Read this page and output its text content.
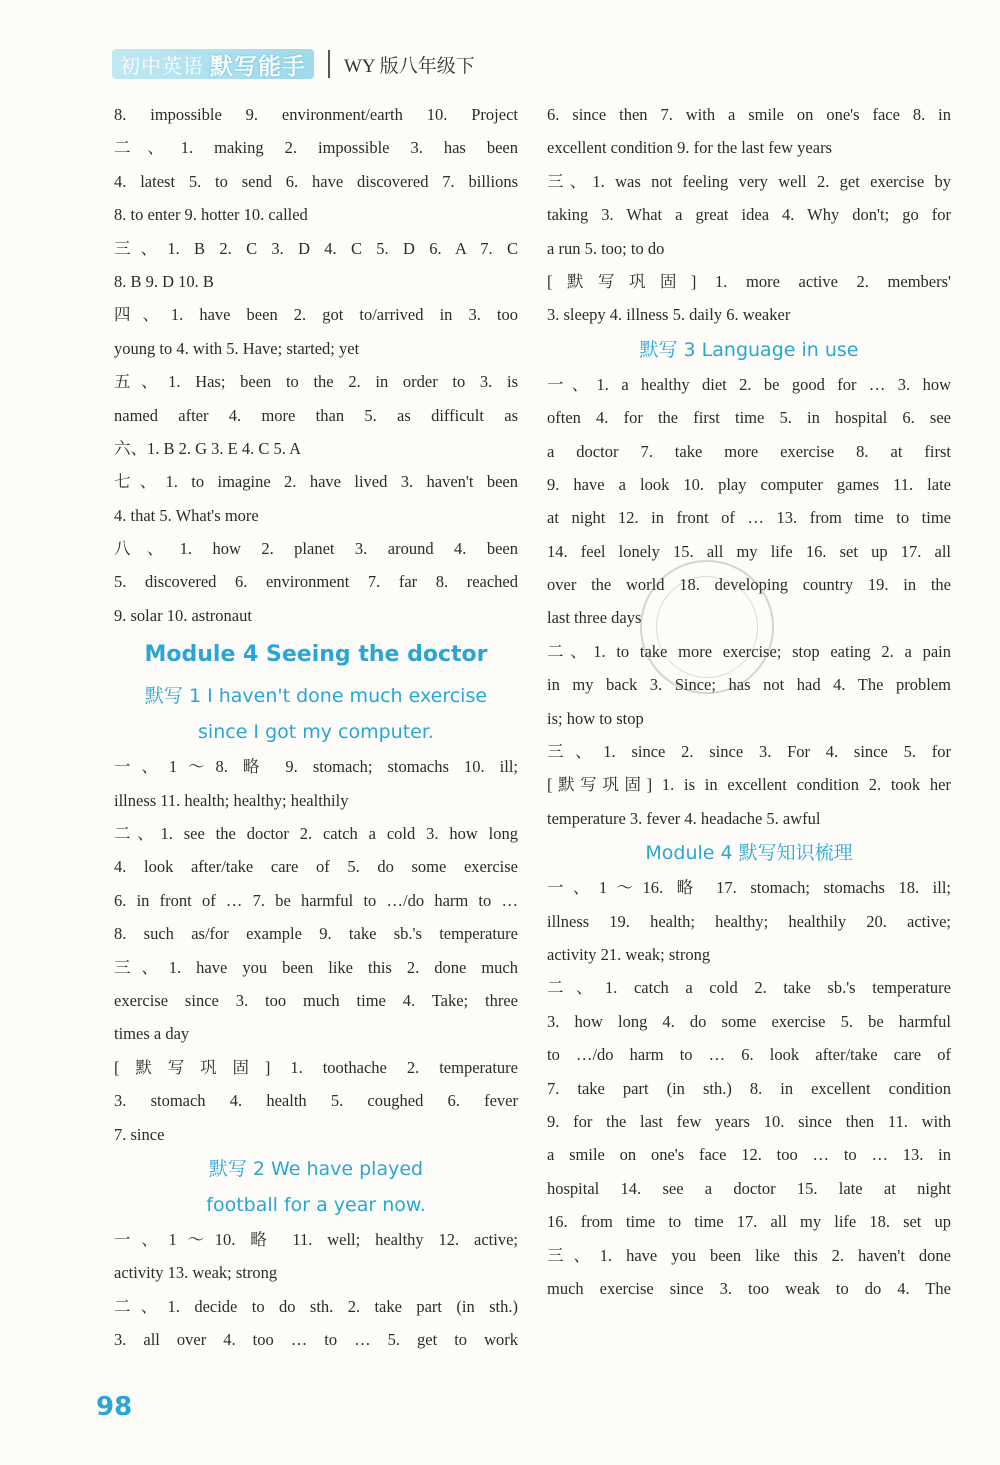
初中英语 默写能手 WY 版八年级下
8. impossible 9. environment/earth 10. Project
二、1. making 2. impossible 3. has been
4. latest 5. to send 6. have discovered 7. billions
8. to enter 9. hotter 10. called
三、1. B 2. C 3. D 4. C 5. D 6. A 7. C
8. B 9. D 10. B
四、1. have been 2. got to/arrived in 3. too
young to 4. with 5. Have; started; yet
五、1. Has; been to the 2. in order to 3. is
named after 4. more than 5. as difficult as
六、1. B 2. G 3. E 4. C 5. A
七、1. to imagine 2. have lived 3. haven't been
4. that 5. What's more
八、1. how 2. planet 3. around 4. been
5. discovered 6. environment 7. far 8. reached
9. solar 10. astronaut
Module 4 Seeing the doctor
默写 1 I haven't done much exercise
since I got my computer.
一、1～8. 略 9. stomach; stomachs 10. ill;
illness 11. health; healthy; healthily
二、1. see the doctor 2. catch a cold 3. how long
4. look after/take care of 5. do some exercise
6. in front of … 7. be harmful to …/do harm to …
8. such as/for example 9. take sb.'s temperature
三、1. have you been like this 2. done much
exercise since 3. too much time 4. Take; three
times a day
[默写巩固] 1. toothache 2. temperature
3. stomach 4. health 5. coughed 6. fever
7. since
默写 2 We have played
football for a year now.
一、1～10. 略 11. well; healthy 12. active;
activity 13. weak; strong
二、1. decide to do sth. 2. take part (in sth.)
3. all over 4. too … to … 5. get to work
6. since then 7. with a smile on one's face 8. in
excellent condition 9. for the last few years
三、1. was not feeling very well 2. get exercise by
taking 3. What a great idea 4. Why don't; go for
a run 5. too; to do
[默写巩固] 1. more active 2. members'
3. sleepy 4. illness 5. daily 6. weaker
默写 3 Language in use
一、1. a healthy diet 2. be good for … 3. how
often 4. for the first time 5. in hospital 6. see
a doctor 7. take more exercise 8. at first
9. have a look 10. play computer games 11. late
at night 12. in front of … 13. from time to time
14. feel lonely 15. all my life 16. set up 17. all
over the world 18. developing country 19. in the
last three days
二、1. to take more exercise; stop eating 2. a pain
in my back 3. Since; has not had 4. The problem
is; how to stop
三、1. since 2. since 3. For 4. since 5. for
[默写巩固] 1. is in excellent condition 2. took her
temperature 3. fever 4. headache 5. awful
Module 4 默写知识梳理
一、1～16. 略 17. stomach; stomachs 18. ill;
illness 19. health; healthy; healthily 20. active;
activity 21. weak; strong
二、1. catch a cold 2. take sb.'s temperature
3. how long 4. do some exercise 5. be harmful
to …/do harm to … 6. look after/take care of
7. take part (in sth.) 8. in excellent condition
9. for the last few years 10. since then 11. with
a smile on one's face 12. too … to … 13. in
hospital 14. see a doctor 15. late at night
16. from time to time 17. all my life 18. set up
三、1. have you been like this 2. haven't done
much exercise since 3. too weak to do 4. The
98
